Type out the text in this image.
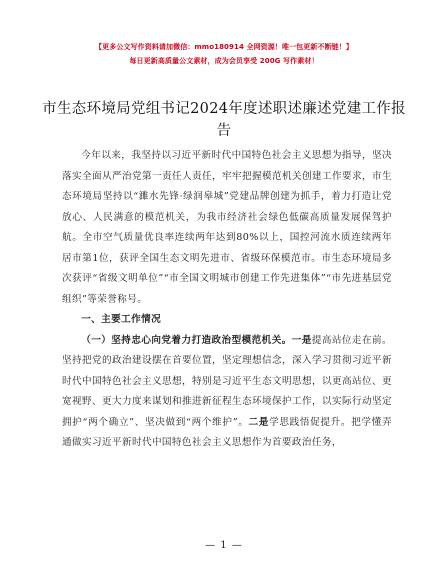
【更多公文写作资料请加微信：mmo180914 全网资源！唯一包更新不断链！】
每日更新高质量公文素材，成为会员享受 200G 写作素材！
市生态环境局党组书记2024年度述职述廉述党建工作报告

今年以来，我坚持以习近平新时代中国特色社会主义思想为指导，坚决落实全面从严治党第一责任人责任，牢牢把握模范机关创建工作要求，市生态环境局坚持以“濉水先锋·绿润皋城”党建品牌创建为抓手，着力打造让党放心、人民满意的模范机关，为我市经济社会绿色低碳高质量发展保驾护航。全市空气质量优良率连续两年达到80%以上，国控河流水质连续两年居市第1位，获评全国生态文明先进市、省级环保模范市。市生态环境局多次获评“省级文明单位”“市全国文明城市创建工作先进集体”“市先进基层党组织”等荣誉称号。

一、主要工作情况

（一）坚持忠心向党着力打造政治型模范机关。一是提高站位走在前。坚持把党的政治建设摆在首要位置，坚定理想信念，深入学习贯彻习近平新时代中国特色社会主义思想，特别是习近平生态文明思想，以更高站位、更宽视野、更大力度来谋划和推进新征程生态环境保护工作，以实际行动坚定拥护“两个确立”、坚决做到“两个维护”。二是学思践悟促提升。把学懂弄通做实习近平新时代中国特色社会主义思想作为首要政治任务，

— 1 —
